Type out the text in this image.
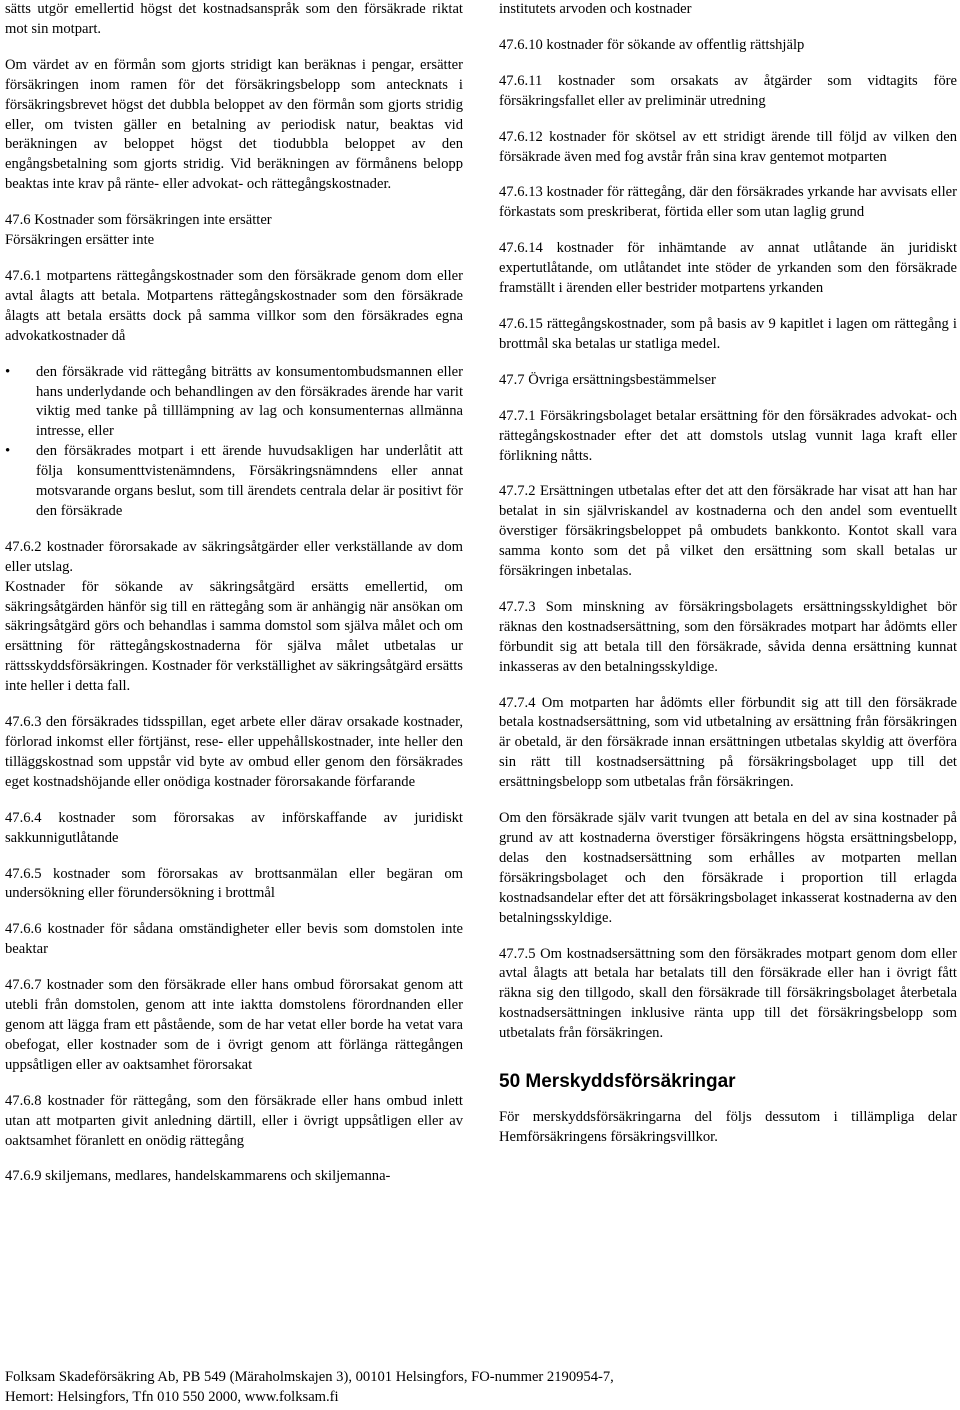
sätts utgör emellertid högst det kostnadsanspråk som den försäkrade riktat mot sin motpart.

Om värdet av en förmån som gjorts stridigt kan beräknas i pengar, ersätter försäkringen inom ramen för det försäkringsbelopp som antecknats i försäkringsbrevet högst det dubbla beloppet av den förmån som gjorts stridig eller, om tvisten gäller en betalning av periodisk natur, beaktas vid beräkningen av beloppet högst det tiodubbla beloppet av den engångsbetalning som gjorts stridig. Vid beräkningen av förmånens belopp beaktas inte krav på ränte- eller advokat- och rättegångskostnader.

47.6 Kostnader som försäkringen inte ersätter

Försäkringen ersätter inte

47.6.1 motpartens rättegångskostnader som den försäkrade genom dom eller avtal ålagts att betala. Motpartens rättegångskostnader som den försäkrade ålagts att betala ersätts dock på samma villkor som den försäkrades egna advokatkostnader då

• den försäkrade vid rättegång biträtts av konsumentombudsmannen eller hans underlydande och behandlingen av den försäkrades ärende har varit viktig med tanke på tilllämpning av lag och konsumenternas allmänna intresse, eller
• den försäkrades motpart i ett ärende huvudsakligen har underlåtit att följa konsumenttvistenämndens, Försäkringsnämndens eller annat motsvarande organs beslut, som till ärendets centrala delar är positivt för den försäkrade

47.6.2 kostnader förorsakade av säkringsåtgärder eller verkställande av dom eller utslag.

Kostnader för sökande av säkringsåtgärd ersätts emellertid, om säkringsåtgärden hänför sig till en rättegång som är anhängig när ansökan om säkringsåtgärd görs och behandlas i samma domstol som själva målet och om ersättning för rättegångskostnaderna för själva målet utbetalas ur rättsskyddsförsäkringen. Kostnader för verkställighet av säkringsåtgärd ersätts inte heller i detta fall.

47.6.3 den försäkrades tidsspillan, eget arbete eller därav orsakade kostnader, förlorad inkomst eller förtjänst, rese- eller uppehållskostnader, inte heller den tilläggskostnad som uppstår vid byte av ombud eller genom den försäkrades eget kostnadshöjande eller onödiga kostnader förorsakande förfarande

47.6.4 kostnader som förorsakas av införskaffande av juridiskt sakkunnigutlåtande

47.6.5 kostnader som förorsakas av brottsanmälan eller begäran om undersökning eller förundersökning i brottmål

47.6.6 kostnader för sådana omständigheter eller bevis som domstolen inte beaktar

47.6.7 kostnader som den försäkrade eller hans ombud förorsakat genom att utebli från domstolen, genom att inte iaktta domstolens förordnanden eller genom att lägga fram ett påstående, som de har vetat eller borde ha vetat vara obefogat, eller kostnader som de i övrigt genom att förlänga rättegången uppsåtligen eller av oaktsamhet förorsakat

47.6.8 kostnader för rättegång, som den försäkrade eller hans ombud inlett utan att motparten givit anledning därtill, eller i övrigt uppsåtligen eller av oaktsamhet föranlett en onödig rättegång

47.6.9 skiljemans, medlares, handelskammarens och skiljemanna-

institutets arvoden och kostnader

47.6.10 kostnader för sökande av offentlig rättshjälp

47.6.11 kostnader som orsakats av åtgärder som vidtagits före försäkringsfallet eller av preliminär utredning

47.6.12 kostnader för skötsel av ett stridigt ärende till följd av vilken den försäkrade även med fog avstår från sina krav gentemot motparten

47.6.13 kostnader för rättegång, där den försäkrades yrkande har avvisats eller förkastats som preskriberat, förtida eller som utan laglig grund

47.6.14 kostnader för inhämtande av annat utlåtande än juridiskt expertutlåtande, om utlåtandet inte stöder de yrkanden som den försäkrade framställt i ärenden eller bestrider motpartens yrkanden

47.6.15 rättegångskostnader, som på basis av 9 kapitlet i lagen om rättegång i brottmål ska betalas ur statliga medel.

47.7 Övriga ersättningsbestämmelser

47.7.1 Försäkringsbolaget betalar ersättning för den försäkrades advokat- och rättegångskostnader efter det att domstols utslag vunnit laga kraft eller förlikning nåtts.

47.7.2 Ersättningen utbetalas efter det att den försäkrade har visat att han har betalat in sin självriskandel av kostnaderna och den andel som eventuellt överstiger försäkringsbeloppet på ombudets bankkonto. Kontot skall vara samma konto som det på vilket den ersättning som skall betalas ur försäkringen inbetalas.

47.7.3 Som minskning av försäkringsbolagets ersättningsskyldighet bör räknas den kostnadsersättning, som den försäkrades motpart har ådömts eller förbundit sig att betala till den försäkrade, såvida denna ersättning kunnat inkasseras av den betalningsskyldige.

47.7.4 Om motparten har ådömts eller förbundit sig att till den försäkrade betala kostnadsersättning, som vid utbetalning av ersättning från försäkringen är obetald, är den försäkrade innan ersättningen utbetalas skyldig att överföra sin rätt till kostnadsersättning på försäkringsbolaget upp till det ersättningsbelopp som utbetalas från försäkringen.

Om den försäkrade själv varit tvungen att betala en del av sina kostnader på grund av att kostnaderna överstiger försäkringens högsta ersättningsbelopp, delas den kostnadsersättning som erhålles av motparten mellan försäkringsbolaget och den försäkrade i proportion till erlagda kostnadsandelar efter det att försäkringsbolaget inkasserat kostnaderna av den betalningsskyldige.

47.7.5 Om kostnadsersättning som den försäkrades motpart genom dom eller avtal ålagts att betala har betalats till den försäkrade eller han i övrigt fått räkna sig den tillgodo, skall den försäkrade till försäkringsbolaget återbetala kostnadsersättningen inklusive ränta upp till det försäkringsbelopp som utbetalats från försäkringen.

50 Merskyddsförsäkringar

För merskyddsförsäkringarna del följs dessutom i tillämpliga delar Hemförsäkringens försäkringsvillkor.

Folksam Skadeförsäkring Ab, PB 549 (Märaholmskajen 3), 00101 Helsingfors, FO-nummer 2190954-7,
Hemort: Helsingfors, Tfn 010 550 2000, www.folksam.fi
